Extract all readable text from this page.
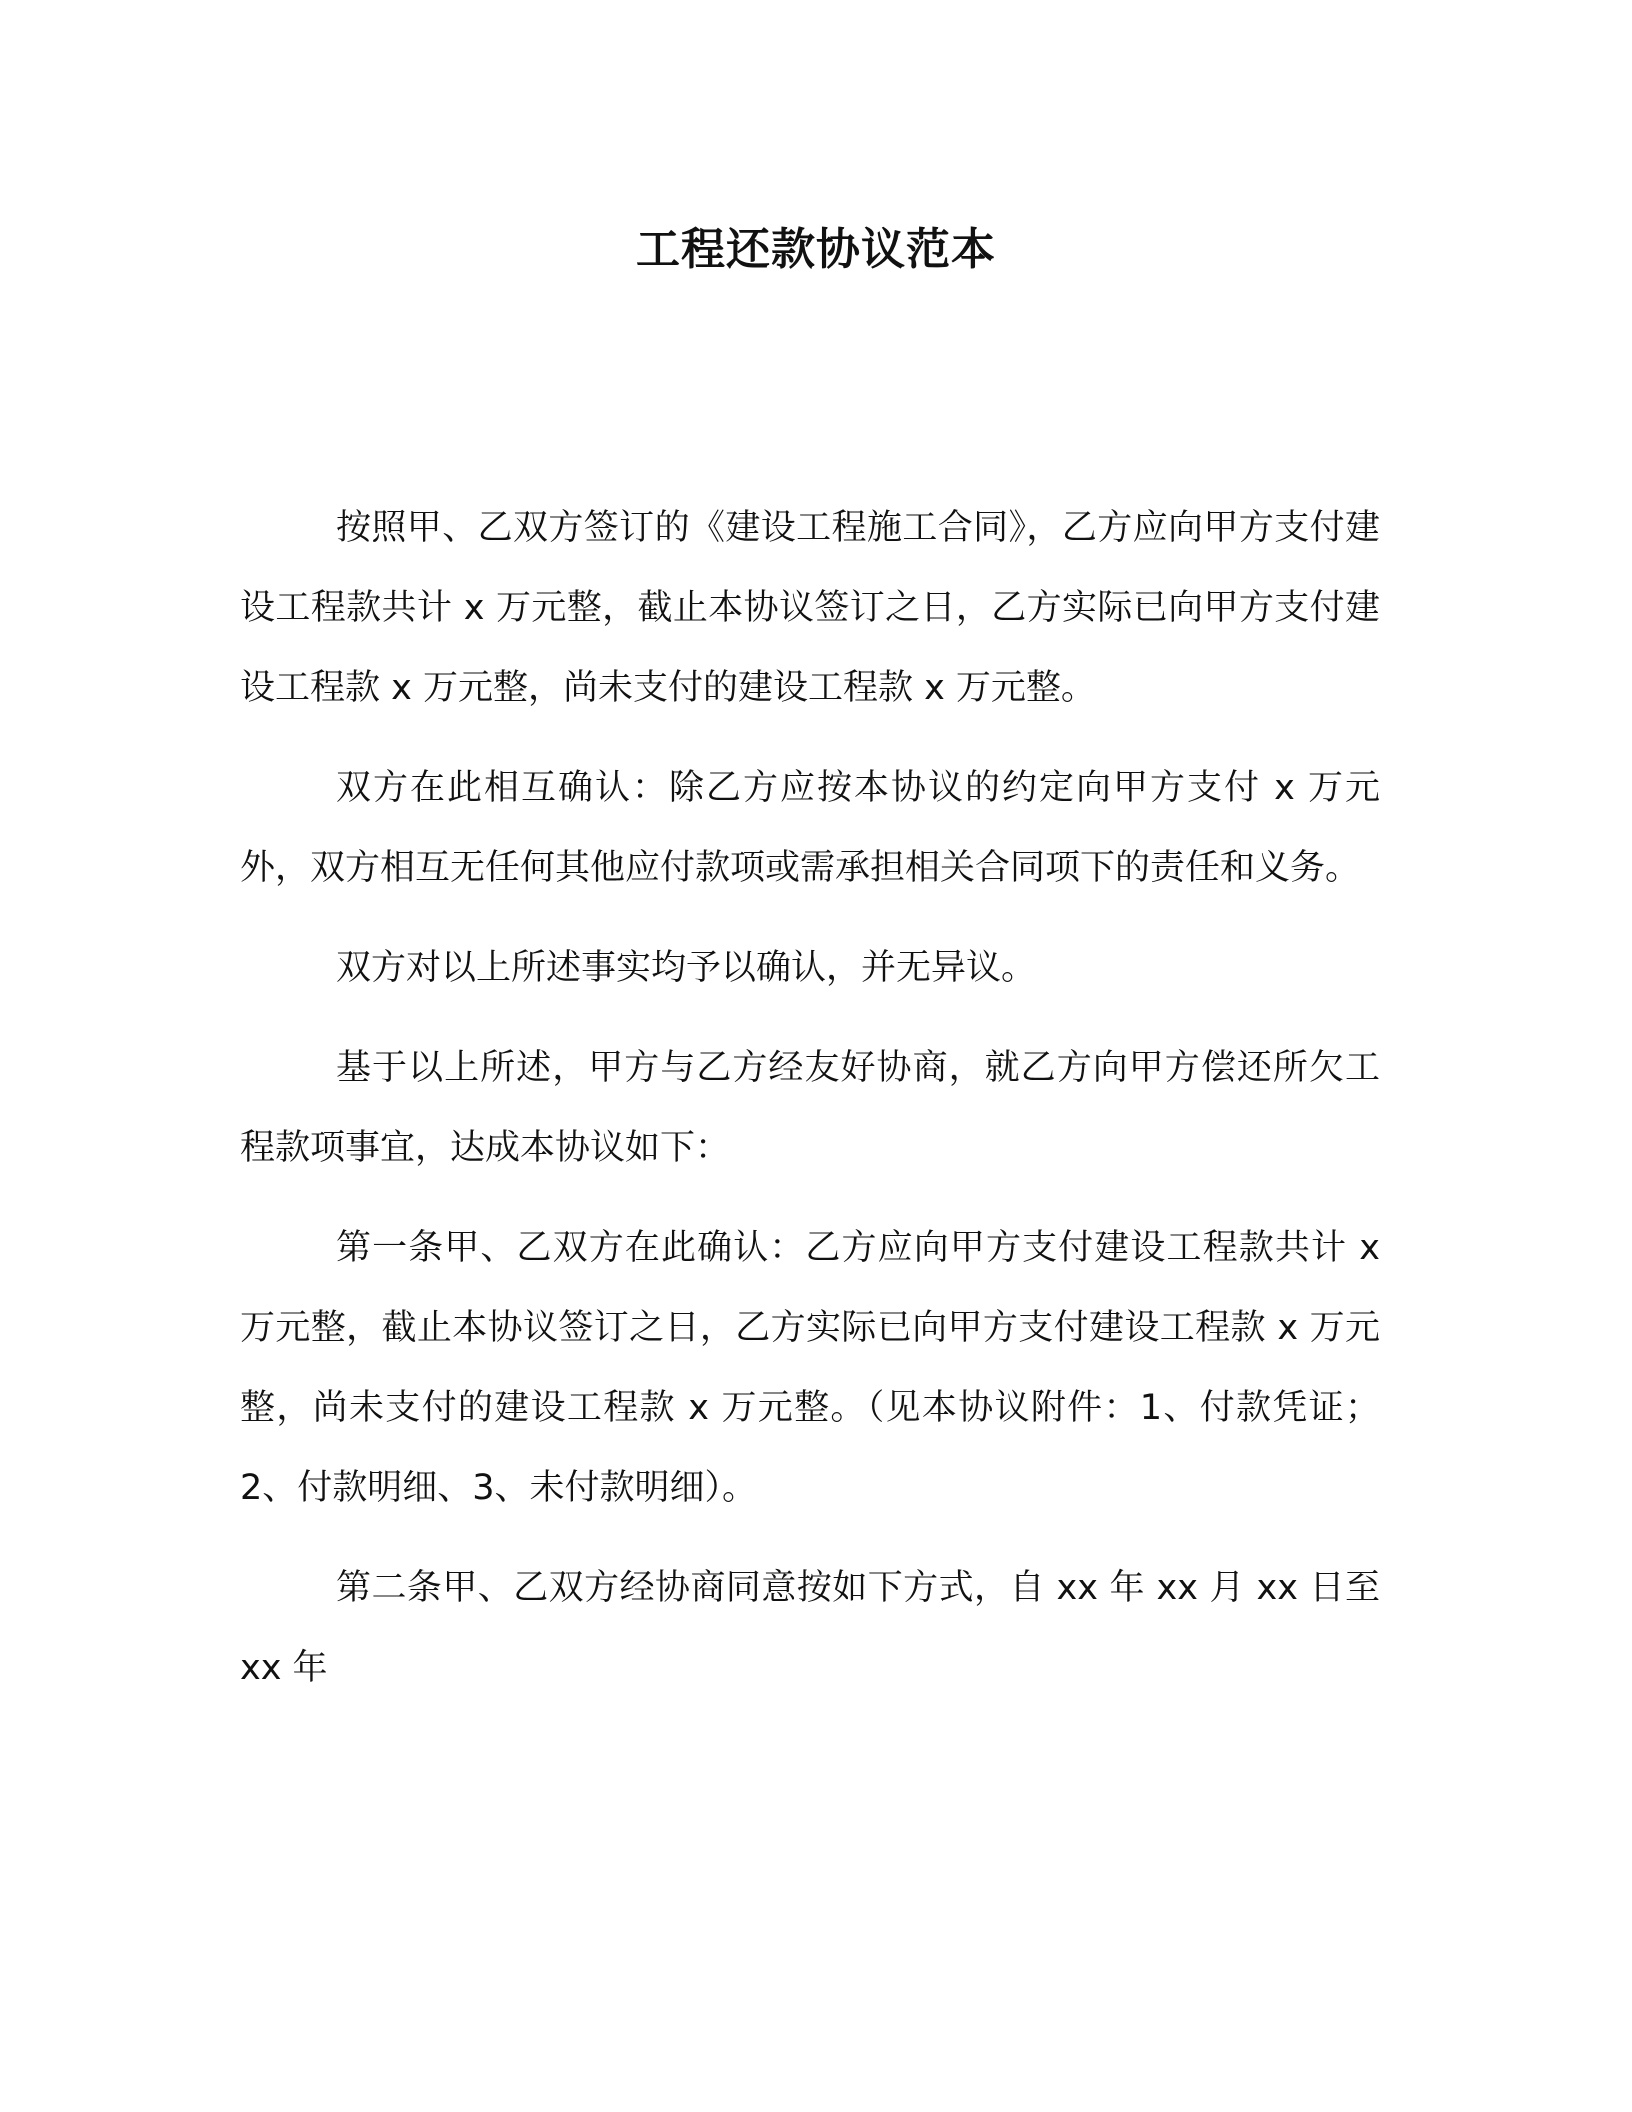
工程还款协议范本

按照甲、乙双方签订的《建设工程施工合同》，乙方应向甲方支付建设工程款共计 x 万元整，截止本协议签订之日，乙方实际已向甲方支付建设工程款 x 万元整，尚未支付的建设工程款 x 万元整。

双方在此相互确认：除乙方应按本协议的约定向甲方支付 x 万元外，双方相互无任何其他应付款项或需承担相关合同项下的责任和义务。

双方对以上所述事实均予以确认，并无异议。

基于以上所述，甲方与乙方经友好协商，就乙方向甲方偿还所欠工程款项事宜，达成本协议如下：

第一条甲、乙双方在此确认：乙方应向甲方支付建设工程款共计 x 万元整，截止本协议签订之日，乙方实际已向甲方支付建设工程款 x 万元整，尚未支付的建设工程款 x 万元整。（见本协议附件：1、付款凭证；2、付款明细、3、未付款明细）。

第二条甲、乙双方经协商同意按如下方式，自 xx 年 xx 月 xx 日至 xx 年
